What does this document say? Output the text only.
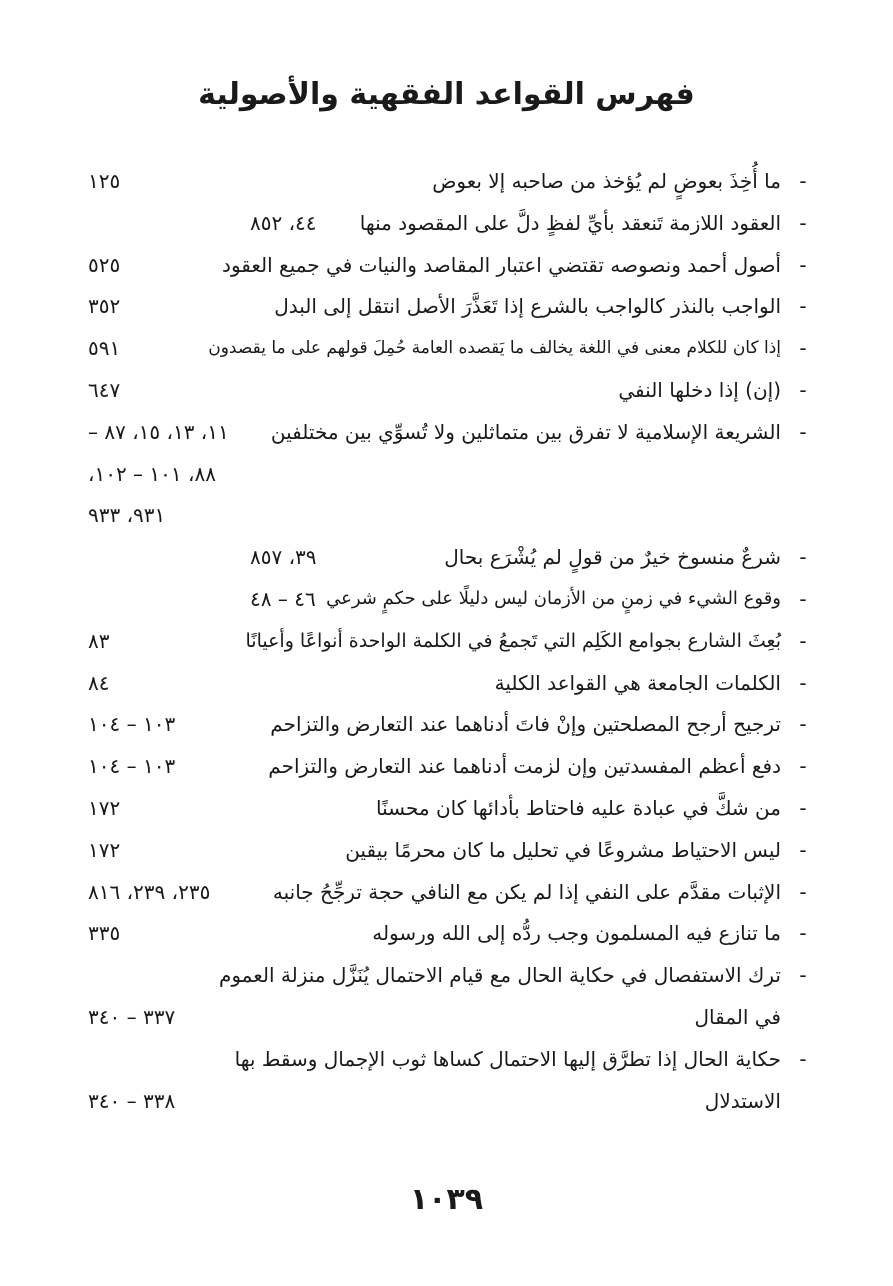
فهرس القواعد الفقهية والأصولية
-
ما أُخِذَ بعوضٍ لم يُؤخذ من صاحبه إلا بعوض
١٢٥
-
العقود اللازمة تَنعقد بأيِّ لفظٍ دلَّ على المقصود منها
٤٤، ٨٥٢
-
أصول أحمد ونصوصه تقتضي اعتبار المقاصد والنيات في جميع العقود
٥٢٥
-
الواجب بالنذر كالواجب بالشرع إذا تَعَذَّرَ الأصل انتقل إلى البدل
٣٥٢
-
إذا كان للكلام معنى في اللغة يخالف ما يَقصده العامة حُمِلَ قولهم على ما يقصدون
٥٩١
-
(إن) إذا دخلها النفي
٦٤٧
-
الشريعة الإسلامية لا تفرق بين متماثلين ولا تُسوِّي بين مختلفين
١١، ١٣، ١٥، ٨٧ –
٨٨، ١٠١ – ١٠٢،
٩٣١، ٩٣٣
-
شرعٌ منسوخ خيرٌ من قولٍ لم يُشْرَع بحال
٣٩، ٨٥٧
-
وقوع الشيء في زمنٍ من الأزمان ليس دليلًا على حكمٍ شرعي
٤٦ – ٤٨
-
بُعِثَ الشارع بجوامع الكَلِم التي تَجمعُ في الكلمة الواحدة أنواعًا وأعيانًا
٨٣
-
الكلمات الجامعة هي القواعد الكلية
٨٤
-
ترجيح أرجح المصلحتين وإنْ فاتَ أدناهما عند التعارض والتزاحم
١٠٣ – ١٠٤
-
دفع أعظم المفسدتين وإن لزمت أدناهما عند التعارض والتزاحم
١٠٣ – ١٠٤
-
من شكَّ في عبادة عليه فاحتاط بأدائها كان محسنًا
١٧٢
-
ليس الاحتياط مشروعًا في تحليل ما كان محرمًا بيقين
١٧٢
-
الإثبات مقدَّم على النفي إذا لم يكن مع النافي حجة ترجِّحُ جانبه
٢٣٥، ٢٣٩، ٨١٦
-
ما تنازع فيه المسلمون وجب ردُّه إلى الله ورسوله
٣٣٥
-
ترك الاستفصال في حكاية الحال مع قيام الاحتمال يُنَزَّل منزلة العموم
في المقال
٣٣٧ – ٣٤٠
-
حكاية الحال إذا تطرَّق إليها الاحتمال كساها ثوب الإجمال وسقط بها
الاستدلال
٣٣٨ – ٣٤٠
١٠٣٩
